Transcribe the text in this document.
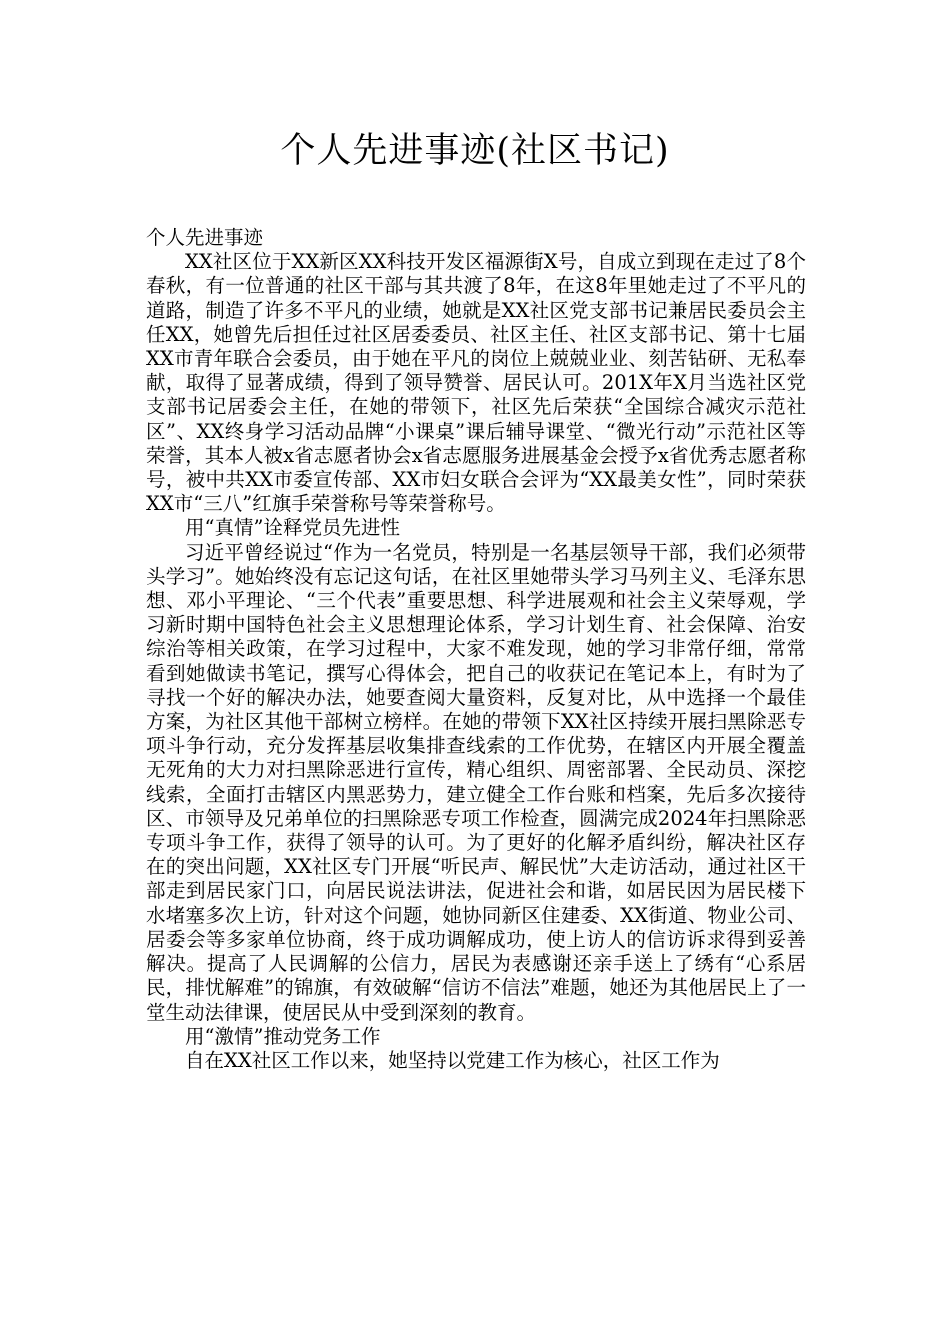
个人先进事迹(社区书记)

个人先进事迹

XX社区位于XX新区XX科技开发区福源街X号，自成立到现在走过了8个春秋，有一位普通的社区干部与其共渡了8年，在这8年里她走过了不平凡的道路，制造了许多不平凡的业绩，她就是XX社区党支部书记兼居民委员会主任XX，她曾先后担任过社区居委委员、社区主任、社区支部书记、第十七届XX市青年联合会委员，由于她在平凡的岗位上兢兢业业、刻苦钻研、无私奉献，取得了显著成绩，得到了领导赞誉、居民认可。201X年X月当选社区党支部书记居委会主任，在她的带领下，社区先后荣获“全国综合减灾示范社区”、XX终身学习活动品牌“小课桌”课后辅导课堂、“微光行动”示范社区等荣誉，其本人被x省志愿者协会x省志愿服务进展基金会授予x省优秀志愿者称号，被中共XX市委宣传部、XX市妇女联合会评为“XX最美女性”，同时荣获XX市“三八”红旗手荣誉称号等荣誉称号。

用“真情”诠释党员先进性

习近平曾经说过“作为一名党员，特别是一名基层领导干部，我们必须带头学习”。她始终没有忘记这句话，在社区里她带头学习马列主义、毛泽东思想、邓小平理论、“三个代表”重要思想、科学进展观和社会主义荣辱观，学习新时期中国特色社会主义思想理论体系，学习计划生育、社会保障、治安综治等相关政策，在学习过程中，大家不难发现，她的学习非常仔细，常常看到她做读书笔记，撰写心得体会，把自己的收获记在笔记本上，有时为了寻找一个好的解决办法，她要查阅大量资料，反复对比，从中选择一个最佳方案，为社区其他干部树立榜样。在她的带领下XX社区持续开展扫黑除恶专项斗争行动，充分发挥基层收集排查线索的工作优势，在辖区内开展全覆盖无死角的大力对扫黑除恶进行宣传，精心组织、周密部署、全民动员、深挖线索，全面打击辖区内黑恶势力，建立健全工作台账和档案，先后多次接待区、市领导及兄弟单位的扫黑除恶专项工作检查，圆满完成2024年扫黑除恶专项斗争工作，获得了领导的认可。为了更好的化解矛盾纠纷，解决社区存在的突出问题，XX社区专门开展“听民声、解民忧”大走访活动，通过社区干部走到居民家门口，向居民说法讲法，促进社会和谐，如居民因为居民楼下水堵塞多次上访，针对这个问题，她协同新区住建委、XX街道、物业公司、居委会等多家单位协商，终于成功调解成功，使上访人的信访诉求得到妥善解决。提高了人民调解的公信力，居民为表感谢还亲手送上了绣有“心系居民，排忧解难”的锦旗，有效破解“信访不信法”难题，她还为其他居民上了一堂生动法律课，使居民从中受到深刻的教育。

用“激情”推动党务工作

自在XX社区工作以来，她坚持以党建工作为核心，社区工作为
